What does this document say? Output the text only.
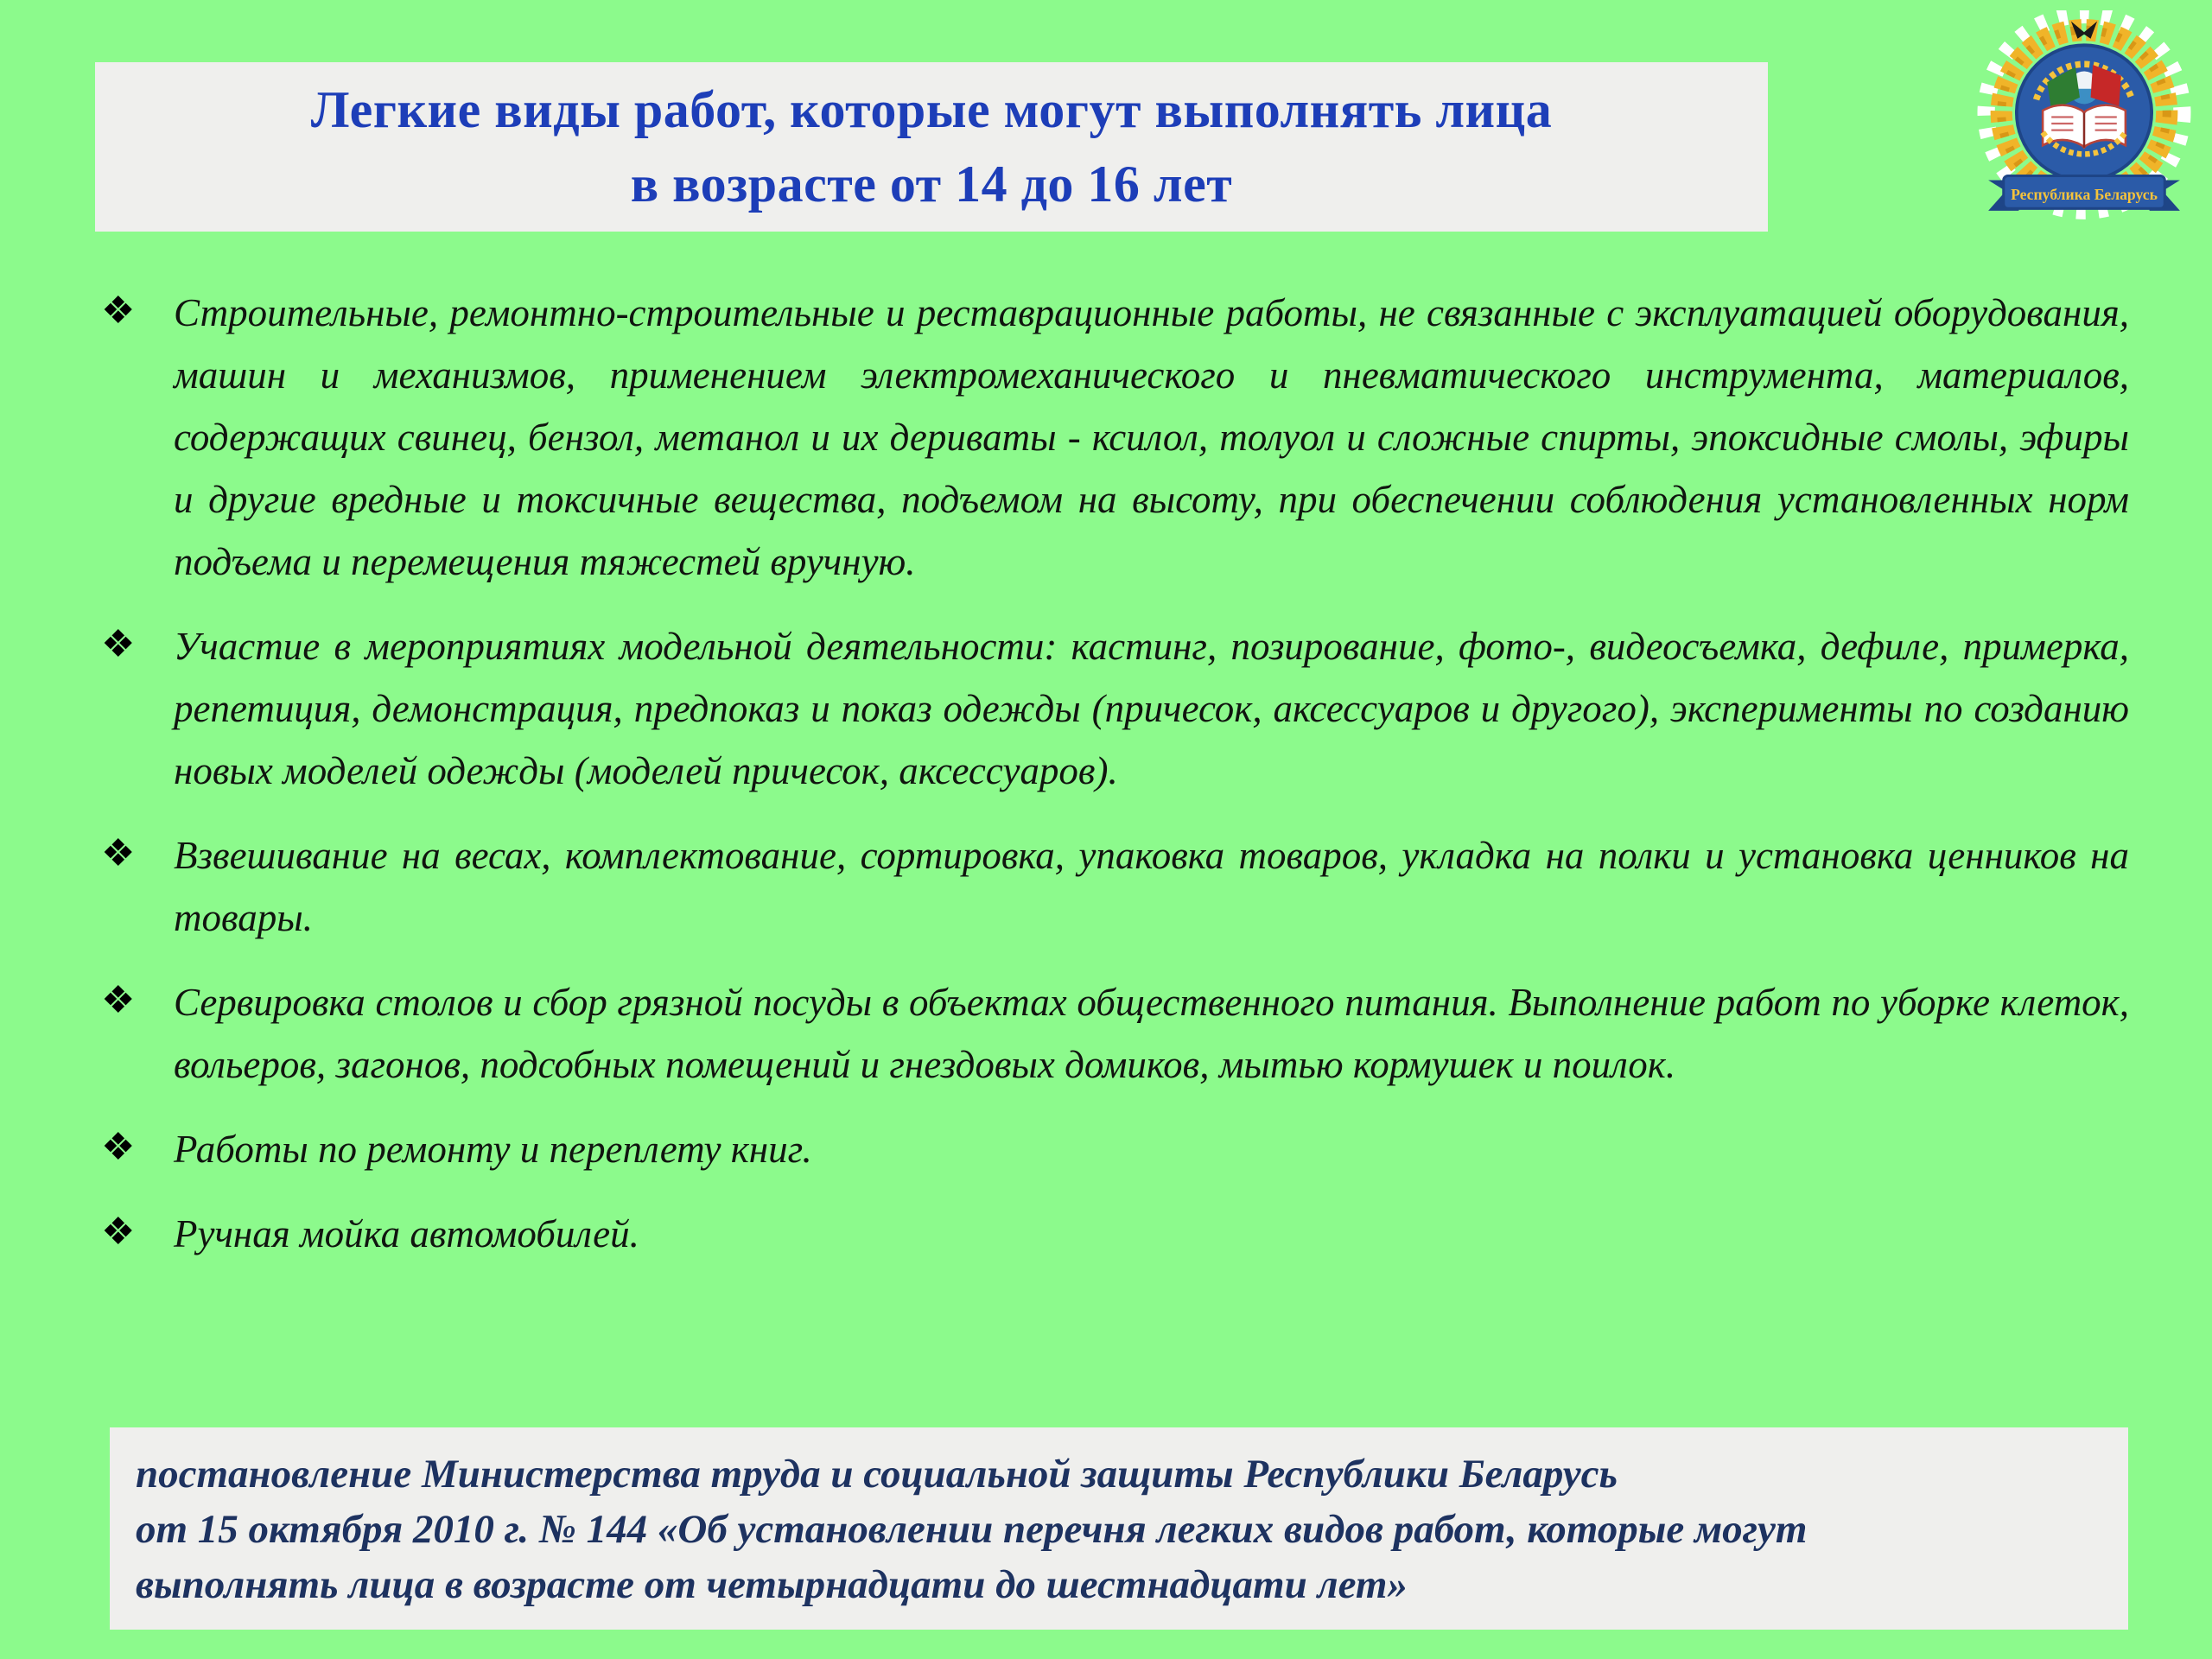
Легкие виды работ, которые могут выполнять лица
в возрасте от 14 до 16 лет	Республика Беларусь
❖ Строительные, ремонтно-строительные и реставрационные работы, не связанные с эксплуатацией оборудования, машин и механизмов, применением электромеханического и пневматического инструмента, материалов, содержащих свинец, бензол, метанол и их дериваты - ксилол, толуол и сложные спирты, эпоксидные смолы, эфиры и другие вредные и токсичные вещества, подъемом на высоту, при обеспечении соблюдения установленных норм подъема и перемещения тяжестей вручную.
❖ Участие в мероприятиях модельной деятельности: кастинг, позирование, фото-, видеосъемка, дефиле, примерка, репетиция, демонстрация, предпоказ и показ одежды (причесок, аксессуаров и другого), эксперименты по созданию новых моделей одежды (моделей причесок, аксессуаров).
❖ Взвешивание на весах, комплектование, сортировка, упаковка товаров, укладка на полки и установка ценников на товары.
❖ Сервировка столов и сбор грязной посуды в объектах общественного питания. Выполнение работ по уборке клеток, вольеров, загонов, подсобных помещений и гнездовых домиков, мытью кормушек и поилок.
❖ Работы по ремонту и переплету книг.
❖ Ручная мойка автомобилей.
постановление Министерства труда и социальной защиты Республики Беларусь
от 15 октября 2010 г. № 144 «Об установлении перечня легких видов работ, которые могут
выполнять лица в возрасте от четырнадцати до шестнадцати лет»
